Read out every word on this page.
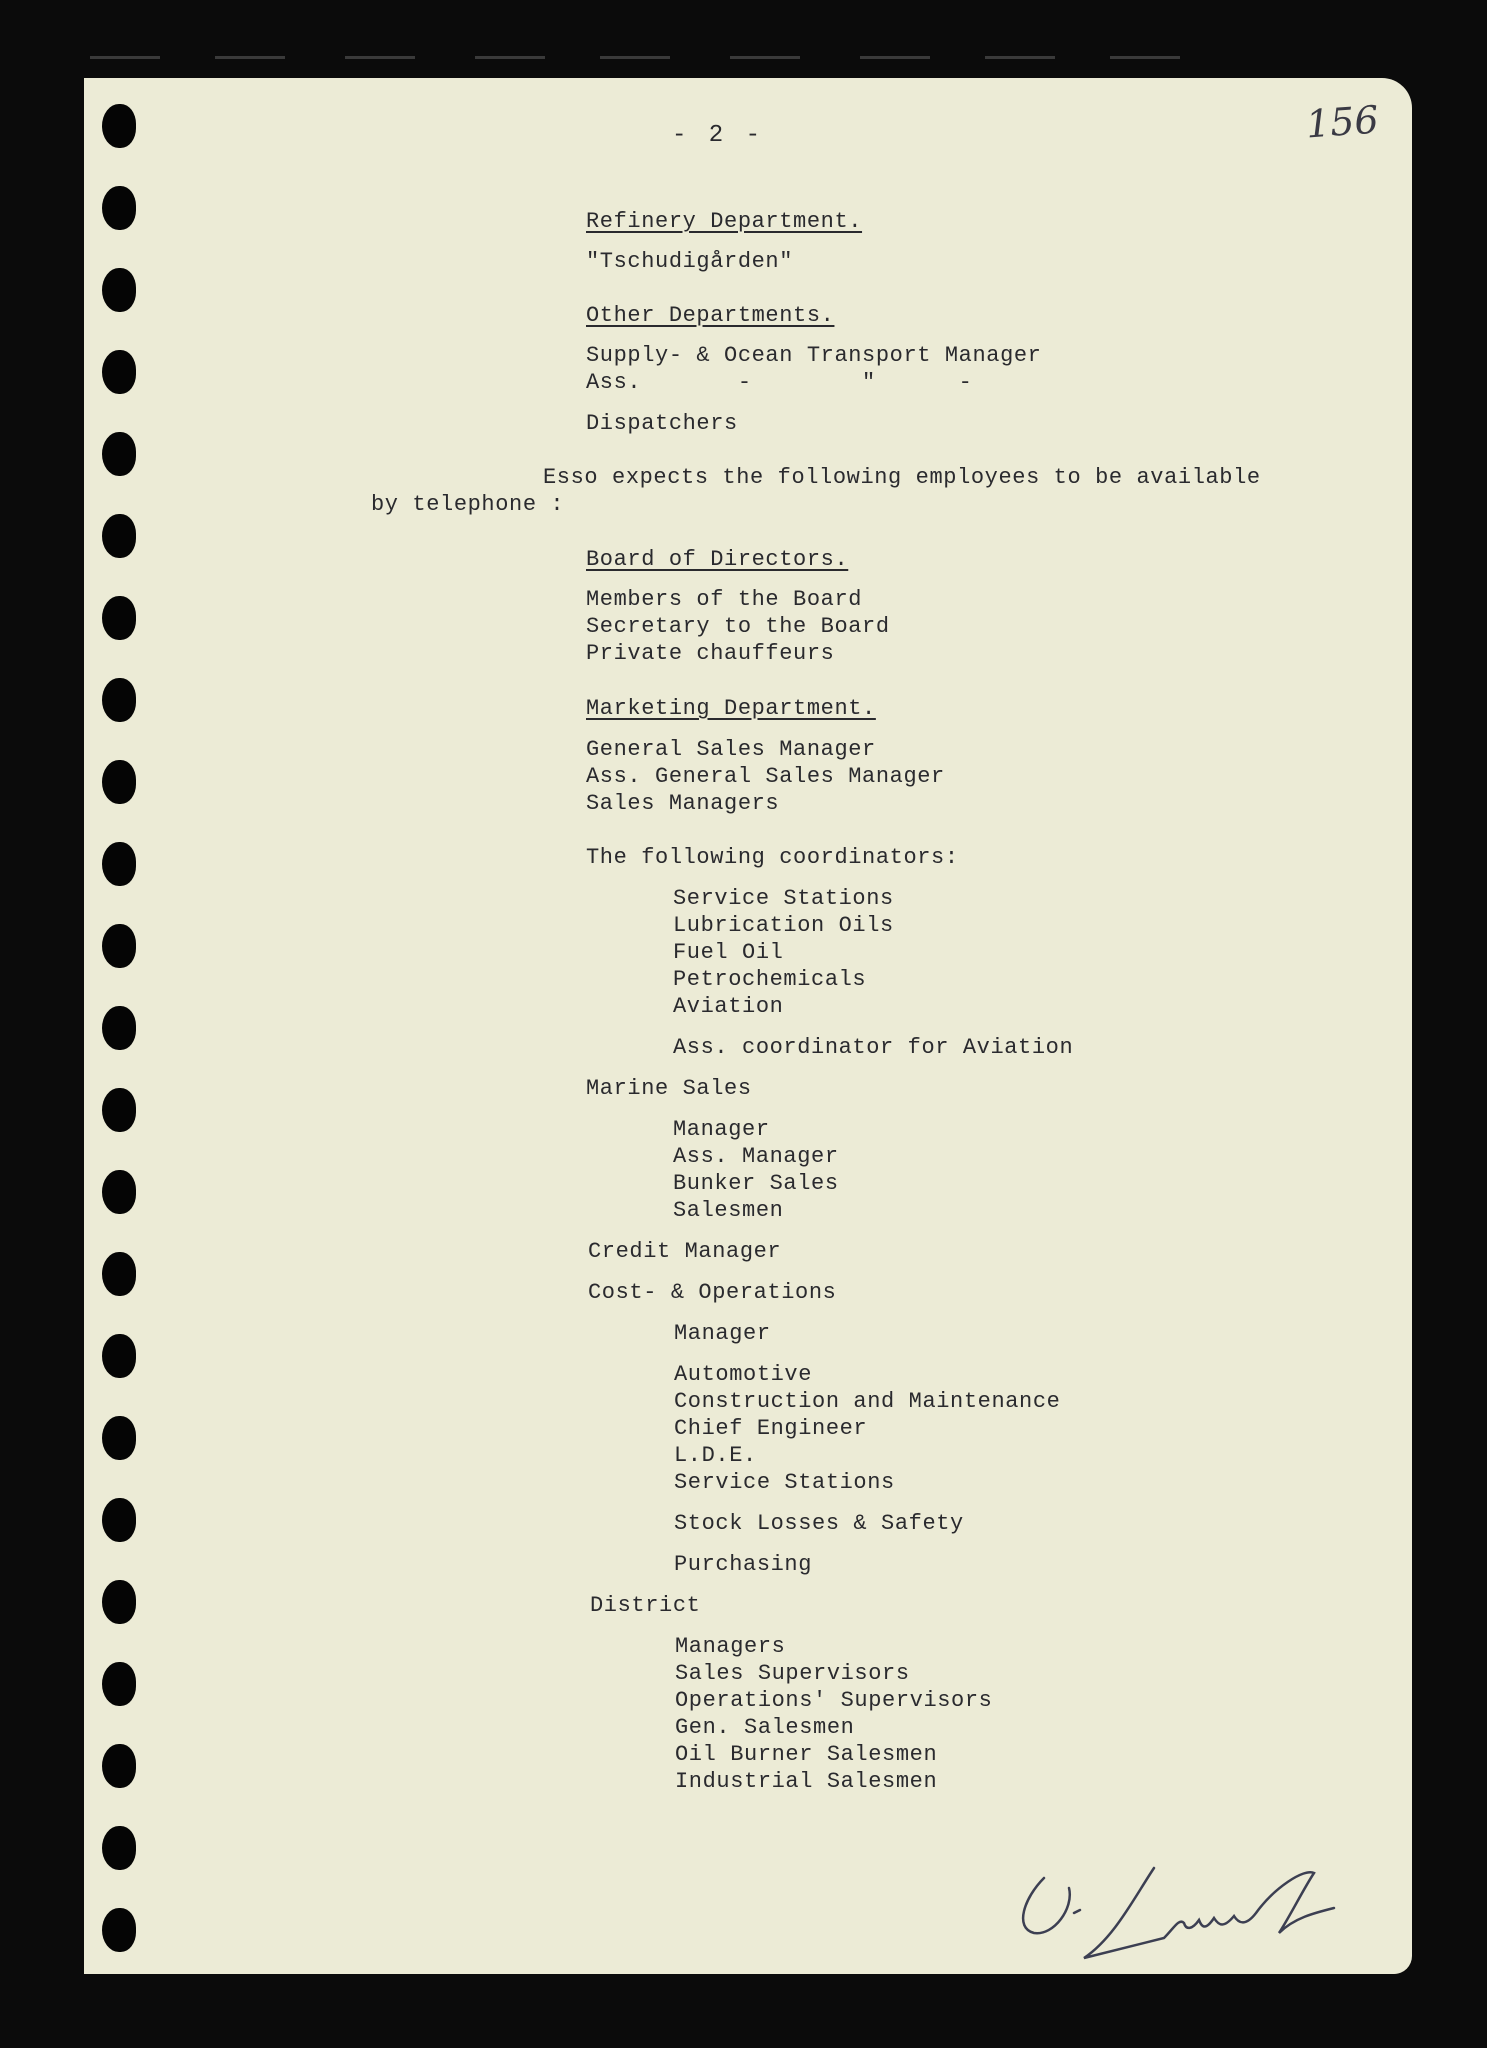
156
- 2 -
Refinery Department.
"Tschudigården"
Other Departments.
Supply- & Ocean Transport Manager
Ass.       -        "      -
Dispatchers
Esso expects the following employees to be available
by telephone :
Board of Directors.
Members of the Board
Secretary to the Board
Private chauffeurs
Marketing Department.
General Sales Manager
Ass. General Sales Manager
Sales Managers
The following coordinators:
Service Stations
Lubrication Oils
Fuel Oil
Petrochemicals
Aviation
Ass. coordinator for Aviation
Marine Sales
Manager
Ass. Manager
Bunker Sales
Salesmen
Credit Manager
Cost- & Operations
Manager
Automotive
Construction and Maintenance
Chief Engineer
L.D.E.
Service Stations
Stock Losses & Safety
Purchasing
District
Managers
Sales Supervisors
Operations' Supervisors
Gen. Salesmen
Oil Burner Salesmen
Industrial Salesmen
